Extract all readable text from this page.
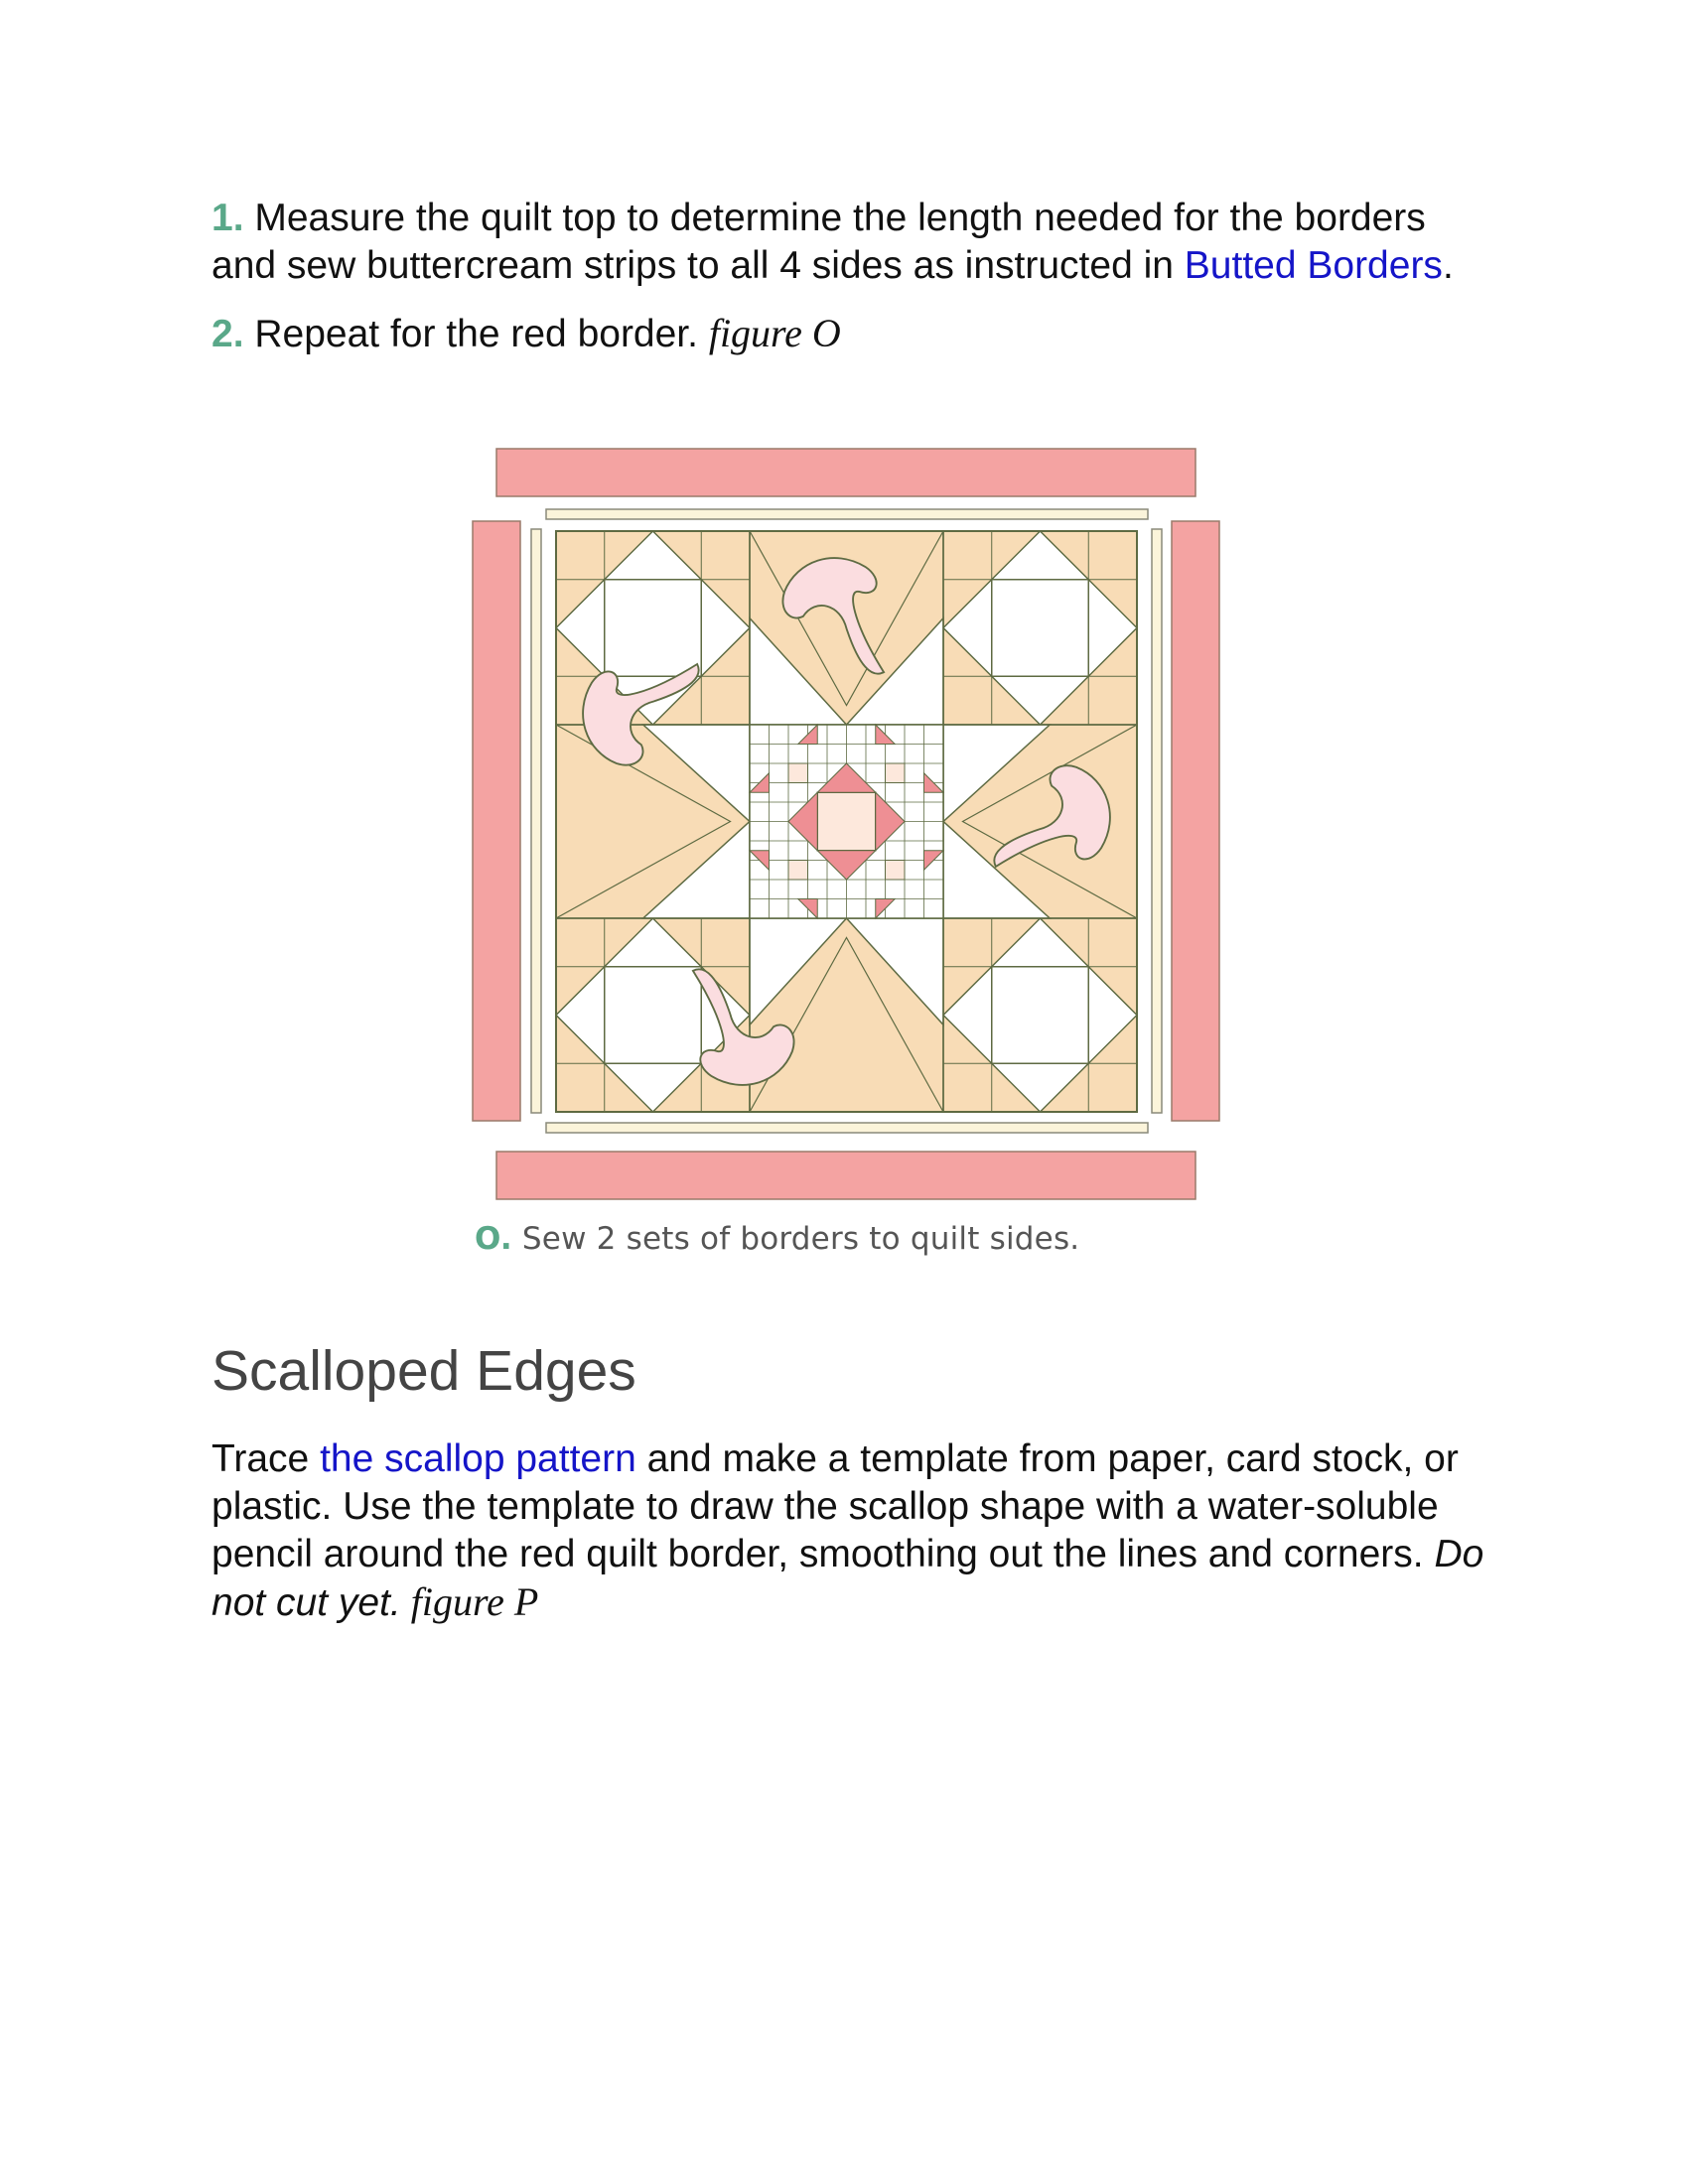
1. Measure the quilt top to determine the length needed for the borders and sew buttercream strips to all 4 sides as instructed in Butted Borders.

2. Repeat for the red border. figure O

O. Sew 2 sets of borders to quilt sides.
Scalloped Edges

Trace the scallop pattern and make a template from paper, card stock, or plastic. Use the template to draw the scallop shape with a water-soluble pencil around the red quilt border, smoothing out the lines and corners. Do not cut yet. figure P
